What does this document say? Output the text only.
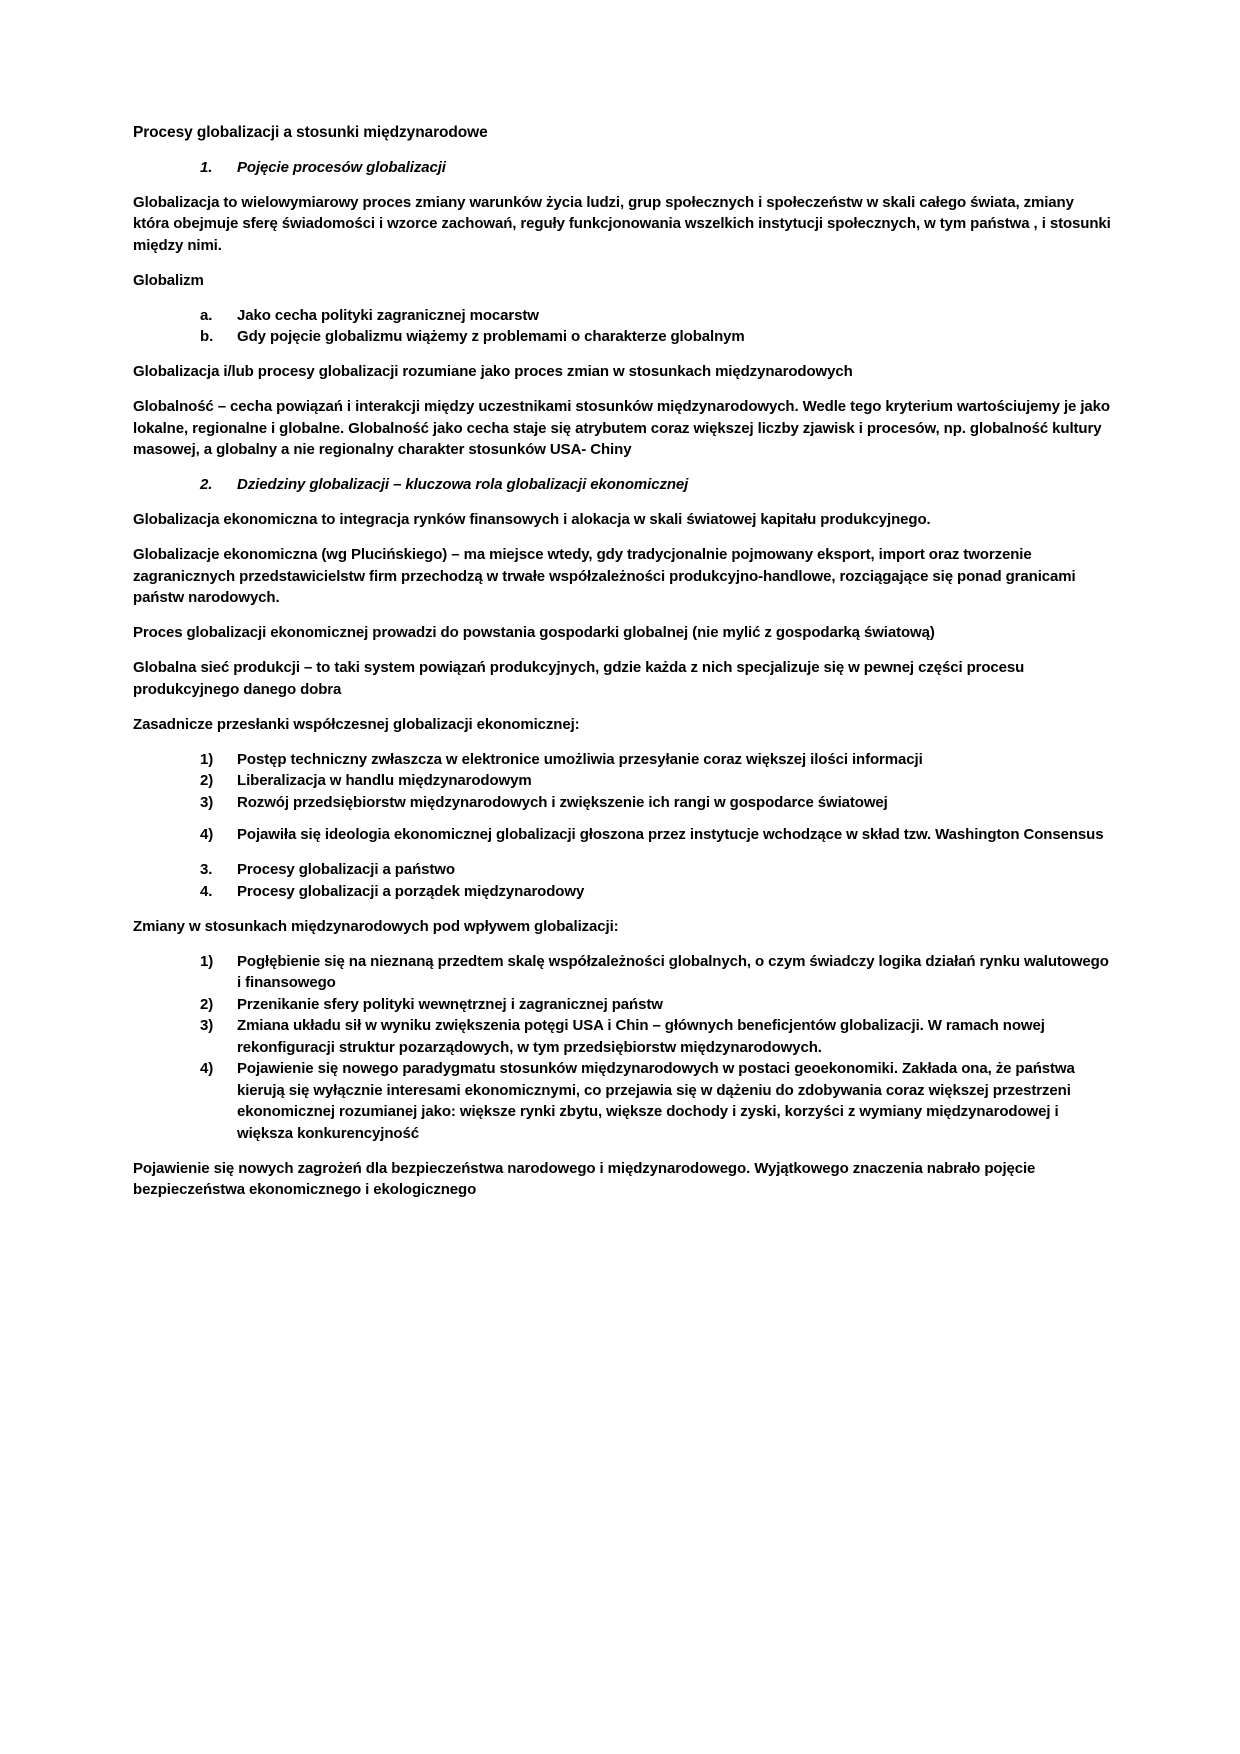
Procesy globalizacji a stosunki międzynarodowe
1.	Pojęcie procesów globalizacji

Globalizacja to wielowymiarowy proces zmiany warunków życia ludzi, grup społecznych i społeczeństw w skali całego świata, zmiany która obejmuje sferę świadomości i wzorce zachowań, reguły funkcjonowania wszelkich instytucji społecznych, w tym państwa , i stosunki między nimi.

Globalizm

a.	Jako cecha polityki zagranicznej mocarstw
b.	Gdy pojęcie globalizmu wiążemy z problemami o charakterze globalnym

Globalizacja i/lub procesy globalizacji rozumiane jako proces zmian w stosunkach międzynarodowych

Globalność – cecha powiązań i interakcji między uczestnikami stosunków międzynarodowych. Wedle tego kryterium wartościujemy je jako lokalne, regionalne i globalne. Globalność jako cecha staje się atrybutem coraz większej liczby zjawisk i procesów, np. globalność kultury masowej, a globalny a nie regionalny charakter stosunków USA- Chiny

2.	Dziedziny globalizacji – kluczowa rola globalizacji ekonomicznej

Globalizacja ekonomiczna to integracja rynków finansowych i alokacja w skali światowej kapitału produkcyjnego.

Globalizacje ekonomiczna (wg Plucińskiego) – ma miejsce wtedy, gdy tradycjonalnie pojmowany eksport, import oraz tworzenie zagranicznych przedstawicielstw firm przechodzą w trwałe współzależności produkcyjno-handlowe, rozciągające się ponad granicami państw narodowych.

Proces globalizacji ekonomicznej prowadzi do powstania gospodarki globalnej (nie mylić z gospodarką światową)

Globalna sieć produkcji – to taki system powiązań produkcyjnych, gdzie każda z nich specjalizuje się w pewnej części procesu produkcyjnego danego dobra

Zasadnicze przesłanki współczesnej globalizacji ekonomicznej:

1)	Postęp techniczny zwłaszcza w elektronice umożliwia przesyłanie coraz większej ilości informacji
2)	Liberalizacja w handlu międzynarodowym
3)	Rozwój przedsiębiorstw międzynarodowych i zwiększenie ich rangi w gospodarce światowej
4)	Pojawiła się ideologia ekonomicznej globalizacji głoszona przez instytucje wchodzące w skład tzw. Washington Consensus
3.	Procesy globalizacji a państwo
4.	Procesy globalizacji a porządek międzynarodowy

Zmiany w stosunkach międzynarodowych pod wpływem globalizacji:

1)	Pogłębienie się na nieznaną przedtem skalę współzależności globalnych, o czym świadczy logika działań rynku walutowego i finansowego
2)	Przenikanie sfery polityki wewnętrznej i zagranicznej państw
3)	Zmiana układu sił w wyniku zwiększenia potęgi USA i Chin – głównych beneficjentów globalizacji. W ramach nowej rekonfiguracji struktur pozarządowych, w tym przedsiębiorstw międzynarodowych.
4)	Pojawienie się nowego paradygmatu stosunków międzynarodowych w postaci geoekonomiki. Zakłada ona, że państwa kierują się wyłącznie interesami ekonomicznymi, co przejawia się w dążeniu do zdobywania coraz większej przestrzeni ekonomicznej rozumianej jako: większe rynki zbytu, większe dochody i zyski, korzyści z wymiany międzynarodowej i większa konkurencyjność

Pojawienie się nowych zagrożeń dla bezpieczeństwa narodowego i międzynarodowego. Wyjątkowego znaczenia nabrało pojęcie bezpieczeństwa ekonomicznego i ekologicznego
